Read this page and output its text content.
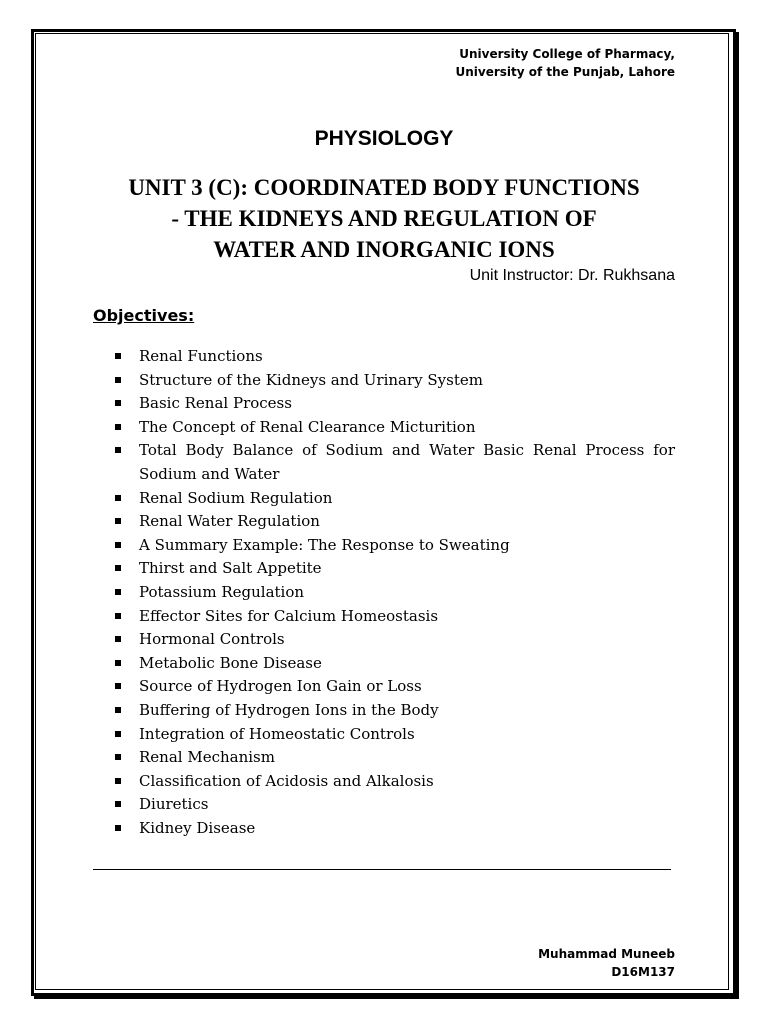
University College of Pharmacy,
University of the Punjab, Lahore
PHYSIOLOGY
UNIT 3 (C): COORDINATED BODY FUNCTIONS
- THE KIDNEYS AND REGULATION OF
WATER AND INORGANIC IONS
Unit Instructor: Dr. Rukhsana
Objectives:
Renal Functions
Structure of the Kidneys and Urinary System
Basic Renal Process
The Concept of Renal Clearance Micturition
Total Body Balance of Sodium and Water Basic Renal Process for Sodium and Water
Renal Sodium Regulation
Renal Water Regulation
A Summary Example: The Response to Sweating
Thirst and Salt Appetite
Potassium Regulation
Effector Sites for Calcium Homeostasis
Hormonal Controls
Metabolic Bone Disease
Source of Hydrogen Ion Gain or Loss
Buffering of Hydrogen Ions in the Body
Integration of Homeostatic Controls
Renal Mechanism
Classification of Acidosis and Alkalosis
Diuretics
Kidney Disease
Muhammad Muneeb
D16M137
